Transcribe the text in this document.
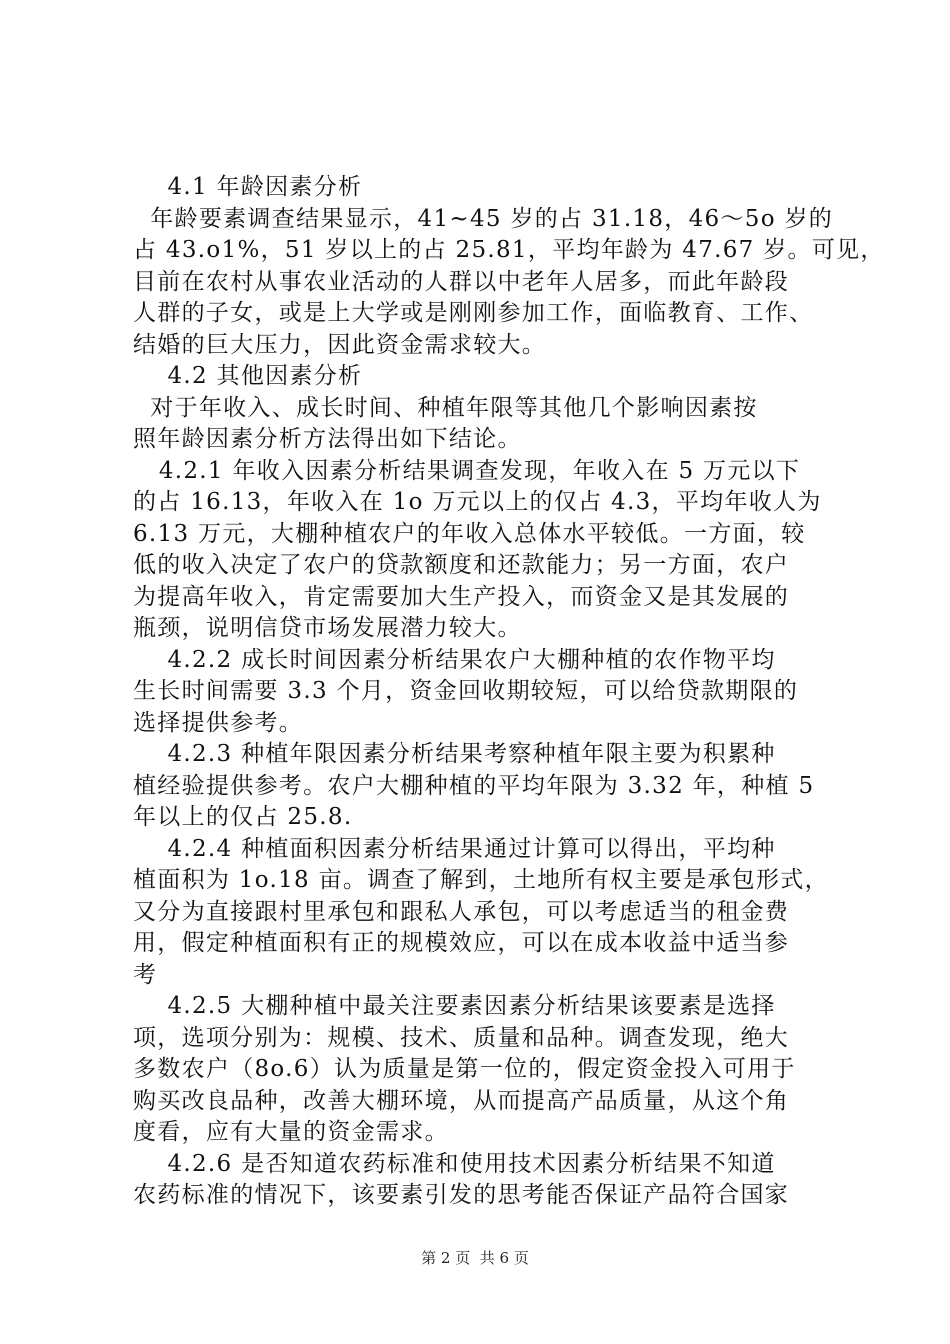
4.1 年龄因素分析
年龄要素调查结果显示，41~45 岁的占 31.18，46～5o 岁的
占 43.o1%，51 岁以上的占 25.81，平均年龄为 47.67 岁。可见，
目前在农村从事农业活动的人群以中老年人居多，而此年龄段
人群的子女，或是上大学或是刚刚参加工作，面临教育、工作、
结婚的巨大压力，因此资金需求较大。
4.2 其他因素分析
对于年收入、成长时间、种植年限等其他几个影响因素按
照年龄因素分析方法得出如下结论。
4.2.1 年收入因素分析结果调查发现，年收入在 5 万元以下
的占 16.13，年收入在 1o 万元以上的仅占 4.3，平均年收人为
6.13 万元，大棚种植农户的年收入总体水平较低。一方面，较
低的收入决定了农户的贷款额度和还款能力；另一方面，农户
为提高年收入，肯定需要加大生产投入，而资金又是其发展的
瓶颈，说明信贷市场发展潜力较大。
4.2.2 成长时间因素分析结果农户大棚种植的农作物平均
生长时间需要 3.3 个月，资金回收期较短，可以给贷款期限的
选择提供参考。
4.2.3 种植年限因素分析结果考察种植年限主要为积累种
植经验提供参考。农户大棚种植的平均年限为 3.32 年，种植 5
年以上的仅占 25.8.
4.2.4 种植面积因素分析结果通过计算可以得出，平均种
植面积为 1o.18 亩。调查了解到，土地所有权主要是承包形式，
又分为直接跟村里承包和跟私人承包，可以考虑适当的租金费
用，假定种植面积有正的规模效应，可以在成本收益中适当参
考
4.2.5 大棚种植中最关注要素因素分析结果该要素是选择
项，选项分别为：规模、技术、质量和品种。调查发现，绝大
多数农户（8o.6）认为质量是第一位的，假定资金投入可用于
购买改良品种，改善大棚环境，从而提高产品质量，从这个角
度看，应有大量的资金需求。
4.2.6 是否知道农药标准和使用技术因素分析结果不知道
农药标准的情况下，该要素引发的思考能否保证产品符合国家
第 2 页  共 6 页
